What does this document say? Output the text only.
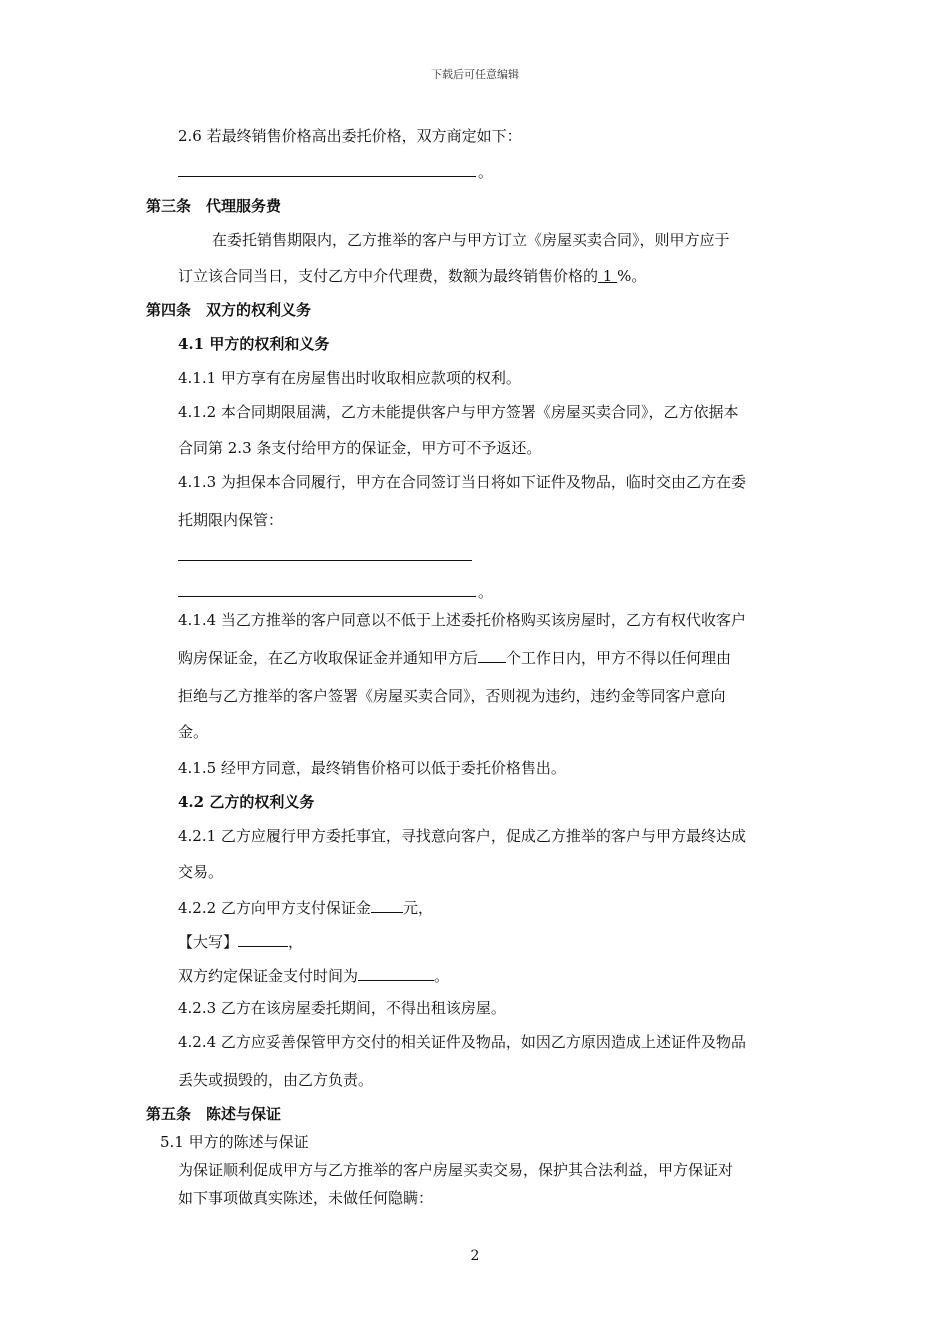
下载后可任意编辑
2.6 若最终销售价格高出委托价格，双方商定如下：
。
第三条　代理服务费
在委托销售期限内，乙方推举的客户与甲方订立《房屋买卖合同》，则甲方应于
订立该合同当日，支付乙方中介代理费，数额为最终销售价格的 1 %。
第四条　双方的权利义务
4.1 甲方的权利和义务
4.1.1 甲方享有在房屋售出时收取相应款项的权利。
4.1.2 本合同期限届满，乙方未能提供客户与甲方签署《房屋买卖合同》，乙方依据本
合同第 2.3 条支付给甲方的保证金，甲方可不予返还。
4.1.3 为担保本合同履行，甲方在合同签订当日将如下证件及物品，临时交由乙方在委
托期限内保管：
。
4.1.4 当乙方推举的客户同意以不低于上述委托价格购买该房屋时，乙方有权代收客户
购房保证金，在乙方收取保证金并通知甲方后 个工作日内，甲方不得以任何理由
拒绝与乙方推举的客户签署《房屋买卖合同》，否则视为违约，违约金等同客户意向
金。
4.1.5 经甲方同意，最终销售价格可以低于委托价格售出。
4.2 乙方的权利义务
4.2.1 乙方应履行甲方委托事宜，寻找意向客户，促成乙方推举的客户与甲方最终达成
交易。
4.2.2 乙方向甲方支付保证金 元，
【大写】	，
双方约定保证金支付时间为	。
4.2.3 乙方在该房屋委托期间，不得出租该房屋。
4.2.4 乙方应妥善保管甲方交付的相关证件及物品，如因乙方原因造成上述证件及物品
丢失或损毁的，由乙方负责。
第五条　陈述与保证
5.1 甲方的陈述与保证
为保证顺利促成甲方与乙方推举的客户房屋买卖交易，保护其合法利益，甲方保证对
如下事项做真实陈述，未做任何隐瞒：
2
